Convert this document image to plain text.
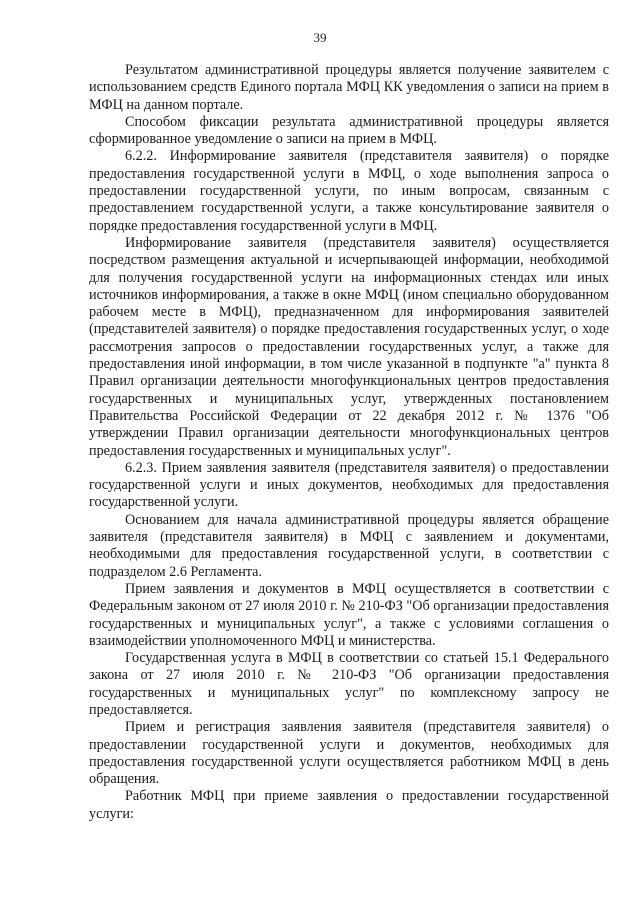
39

Результатом административной процедуры является получение заявителем с использованием средств Единого портала МФЦ КК уведомления о записи на прием в МФЦ на данном портале.

Способом фиксации результата административной процедуры является сформированное уведомление о записи на прием в МФЦ.

6.2.2. Информирование заявителя (представителя заявителя) о порядке предоставления государственной услуги в МФЦ, о ходе выполнения запроса о предоставлении государственной услуги, по иным вопросам, связанным с предоставлением государственной услуги, а также консультирование заявителя о порядке предоставления государственной услуги в МФЦ.

Информирование заявителя (представителя заявителя) осуществляется посредством размещения актуальной и исчерпывающей информации, необходимой для получения государственной услуги на информационных стендах или иных источников информирования, а также в окне МФЦ (ином специально оборудованном рабочем месте в МФЦ), предназначенном для информирования заявителей (представителей заявителя) о порядке предоставления государственных услуг, о ходе рассмотрения запросов о предоставлении государственных услуг, а также для предоставления иной информации, в том числе указанной в подпункте "а" пункта 8 Правил организации деятельности многофункциональных центров предоставления государственных и муниципальных услуг, утвержденных постановлением Правительства Российской Федерации от 22 декабря 2012 г. № 1376 "Об утверждении Правил организации деятельности многофункциональных центров предоставления государственных и муниципальных услуг".

6.2.3. Прием заявления заявителя (представителя заявителя) о предоставлении государственной услуги и иных документов, необходимых для предоставления государственной услуги.

Основанием для начала административной процедуры является обращение заявителя (представителя заявителя) в МФЦ с заявлением и документами, необходимыми для предоставления государственной услуги, в соответствии с подразделом 2.6 Регламента.

Прием заявления и документов в МФЦ осуществляется в соответствии с Федеральным законом от 27 июля 2010 г. № 210-ФЗ "Об организации предоставления государственных и муниципальных услуг", а также с условиями соглашения о взаимодействии уполномоченного МФЦ и министерства.

Государственная услуга в МФЦ в соответствии со статьей 15.1 Федерального закона от 27 июля 2010 г. № 210-ФЗ "Об организации предоставления государственных и муниципальных услуг" по комплексному запросу не предоставляется.

Прием и регистрация заявления заявителя (представителя заявителя) о предоставлении государственной услуги и документов, необходимых для предоставления государственной услуги осуществляется работником МФЦ в день обращения.

Работник МФЦ при приеме заявления о предоставлении государственной услуги:
